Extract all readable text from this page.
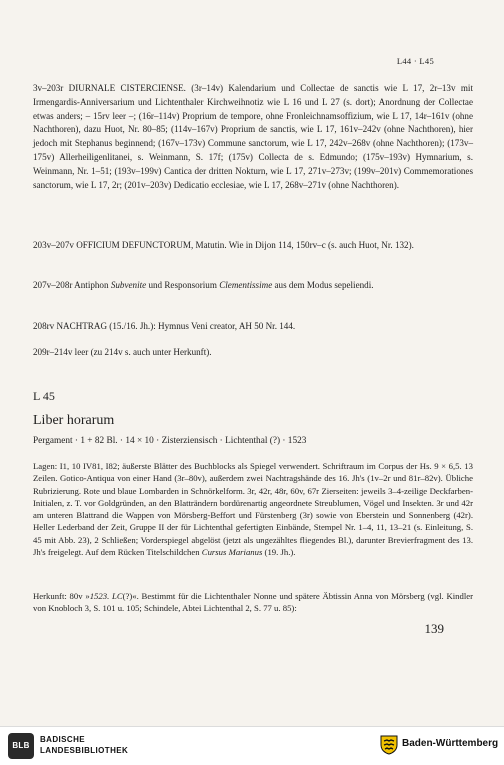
L44 · L45
3v–203r DIURNALE CISTERCIENSE. (3r–14v) Kalendarium und Collectae de sanctis wie L 17, 2r–13v mit Irmengardis-Anniversarium und Lichtenthaler Kirchweihnotiz wie L 16 und L 27 (s. dort); Anordnung der Collectae etwas anders; – 15rv leer –; (16r–114v) Proprium de tempore, ohne Fronleichnamsoffizium, wie L 17, 14r–161v (ohne Nachthoren), dazu Huot, Nr. 80–85; (114v–167v) Proprium de sanctis, wie L 17, 161v–242v (ohne Nachthoren), hier jedoch mit Stephanus beginnend; (167v–173v) Commune sanctorum, wie L 17, 242v–268v (ohne Nachthoren); (173v–175v) Allerheiligenlitanei, s. Weinmann, S. 17f; (175v) Collecta de s. Edmundo; (175v–193v) Hymnarium, s. Weinmann, Nr. 1–51; (193v–199v) Cantica der dritten Nokturn, wie L 17, 271v–273v; (199v–201v) Commemorationes sanctorum, wie L 17, 2r; (201v–203v) Dedicatio ecclesiae, wie L 17, 268v–271v (ohne Nachthoren).
203v–207v OFFICIUM DEFUNCTORUM, Matutin. Wie in Dijon 114, 150rv–c (s. auch Huot, Nr. 132).
207v–208r Antiphon Subvenite und Responsorium Clementissime aus dem Modus sepeliendi.
208rv NACHTRAG (15./16. Jh.): Hymnus Veni creator, AH 50 Nr. 144.
209r–214v leer (zu 214v s. auch unter Herkunft).
L 45
Liber horarum
Pergament · 1 + 82 Bl. · 14 × 10 · Zisterziensisch · Lichtenthal (?) · 1523
Lagen: I1, 10 IV81, I82; äußerste Blätter des Buchblocks als Spiegel verwendert. Schriftraum im Corpus der Hs. 9 × 6,5. 13 Zeilen. Gotico-Antiqua von einer Hand (3r–80v), außerdem zwei Nachtragshände des 16. Jh's (1v–2r und 81r–82v). Übliche Rubrizierung. Rote und blaue Lombarden in Schnörkelform. 3r, 42r, 48r, 60v, 67r Zierseiten: jeweils 3–4-zeilige Deckfarben-Initialen, z. T. vor Goldgründen, an den Blatträndern bordürenartig angeordnete Streublumen, Vögel und Insekten. 3r und 42r am unteren Blattrand die Wappen von Mörsberg-Beffort und Fürstenberg (3r) sowie von Eberstein und Sonnenberg (42r). Heller Lederband der Zeit, Gruppe II der für Lichtenthal gefertigten Einbände, Stempel Nr. 1–4, 11, 13–21 (s. Einleitung, S. 45 mit Abb. 23), 2 Schließen; Vorderspiegel abgelöst (jetzt als ungezähltes fliegendes Bl.), darunter Brevierfragment des 13. Jh's freigelegt. Auf dem Rücken Titelschildchen Cursus Marianus (19. Jh.).
Herkunft: 80v »1523. LC(?)«. Bestimmt für die Lichtenthaler Nonne und spätere Äbtissin Anna von Mörsberg (vgl. Kindler von Knobloch 3, S. 101 u. 105; Schindele, Abtei Lichtenthal 2, S. 77 u. 85):
139
BLB
BADISCHE
LANDESBIBLIOTHEK
Baden-Württemberg
